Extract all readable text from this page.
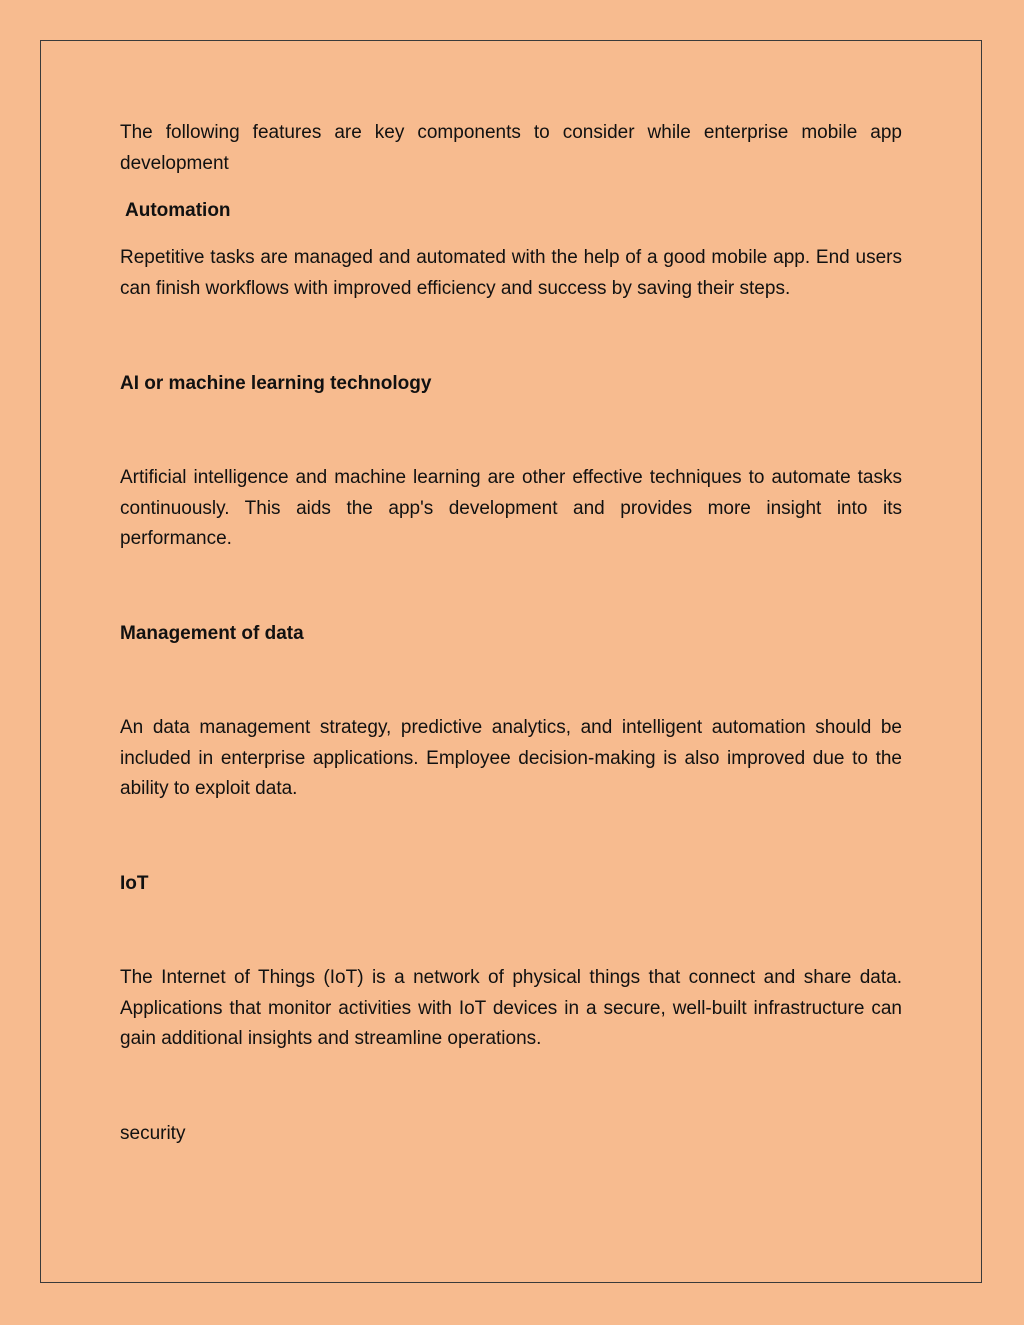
The following features are key components to consider while enterprise mobile app development

Automation

Repetitive tasks are managed and automated with the help of a good mobile app. End users can finish workflows with improved efficiency and success by saving their steps.

AI or machine learning technology

Artificial intelligence and machine learning are other effective techniques to automate tasks continuously. This aids the app's development and provides more insight into its performance.

Management of data

An data management strategy, predictive analytics, and intelligent automation should be included in enterprise applications. Employee decision-making is also improved due to the ability to exploit data.

IoT

The Internet of Things (IoT) is a network of physical things that connect and share data. Applications that monitor activities with IoT devices in a secure, well-built infrastructure can gain additional insights and streamline operations.

security
